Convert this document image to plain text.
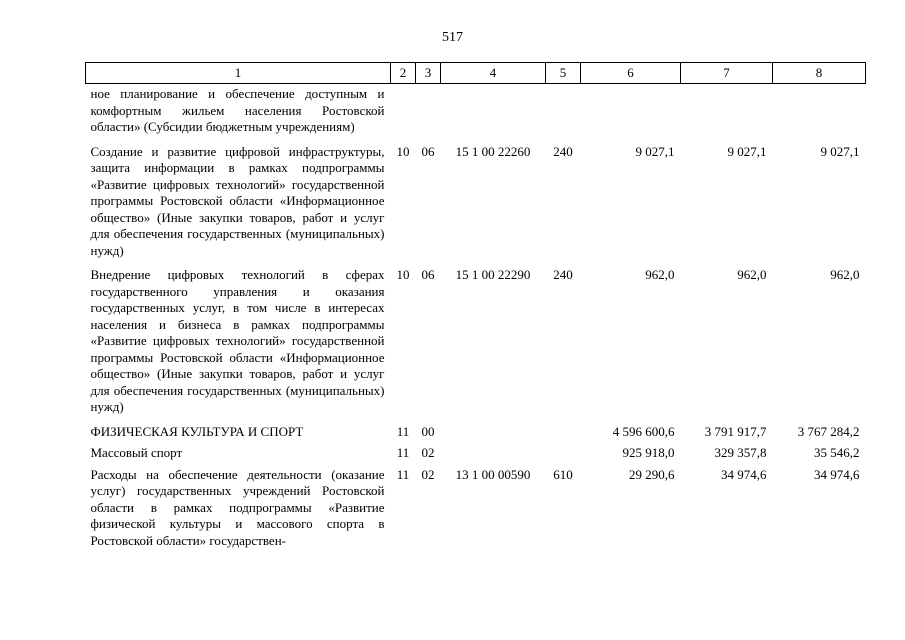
517
1	2	3	4	5	6	7	8
ное планирование и обеспечение доступным и комфортным жильем населения Ростовской области» (Субсидии бюджетным учреждениям)							
Создание и развитие цифровой инфраструктуры, защита информации в рамках подпрограммы «Развитие цифровых технологий» государственной программы Ростовской области «Информационное общество» (Иные закупки товаров, работ и услуг для обеспечения государственных (муниципальных) нужд)	10	06	15 1 00 22260	240	9 027,1	9 027,1	9 027,1
Внедрение цифровых технологий в сферах государственного управления и оказания государственных услуг, в том числе в интересах населения и бизнеса в рамках подпрограммы «Развитие цифровых технологий» государственной программы Ростовской области «Информационное общество» (Иные закупки товаров, работ и услуг для обеспечения государственных (муниципальных) нужд)	10	06	15 1 00 22290	240	962,0	962,0	962,0
ФИЗИЧЕСКАЯ КУЛЬТУРА И СПОРТ	11	00			4 596 600,6	3 791 917,7	3 767 284,2
Массовый спорт	11	02			925 918,0	329 357,8	35 546,2
Расходы на обеспечение деятельности (оказание услуг) государственных учреждений Ростовской области в рамках подпрограммы «Развитие физической культуры и массового спорта в Ростовской области» государствен-	11	02	13 1 00 00590	610	29 290,6	34 974,6	34 974,6
